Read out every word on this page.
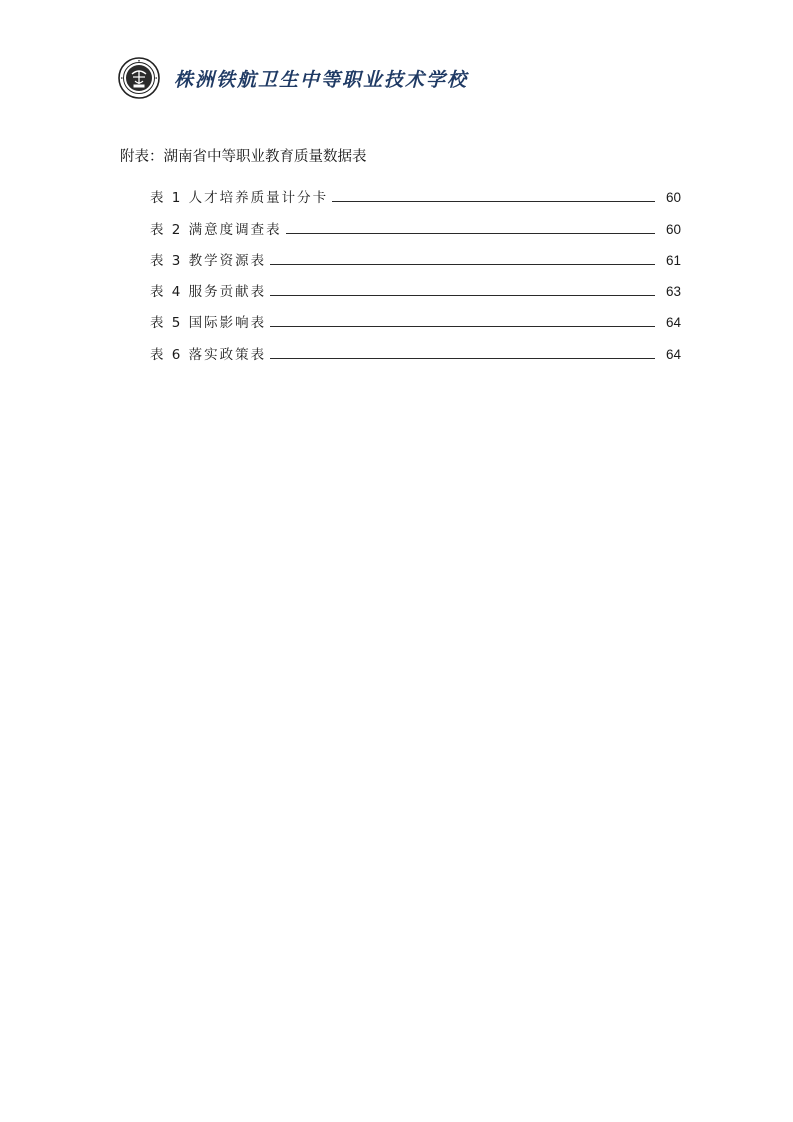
株洲铁航卫生中等职业技术学校
附表：湖南省中等职业教育质量数据表
表 1 人才培养质量计分卡	60
表 2 满意度调查表	60
表 3 教学资源表	61
表 4 服务贡献表	63
表 5 国际影响表	64
表 6 落实政策表	64
